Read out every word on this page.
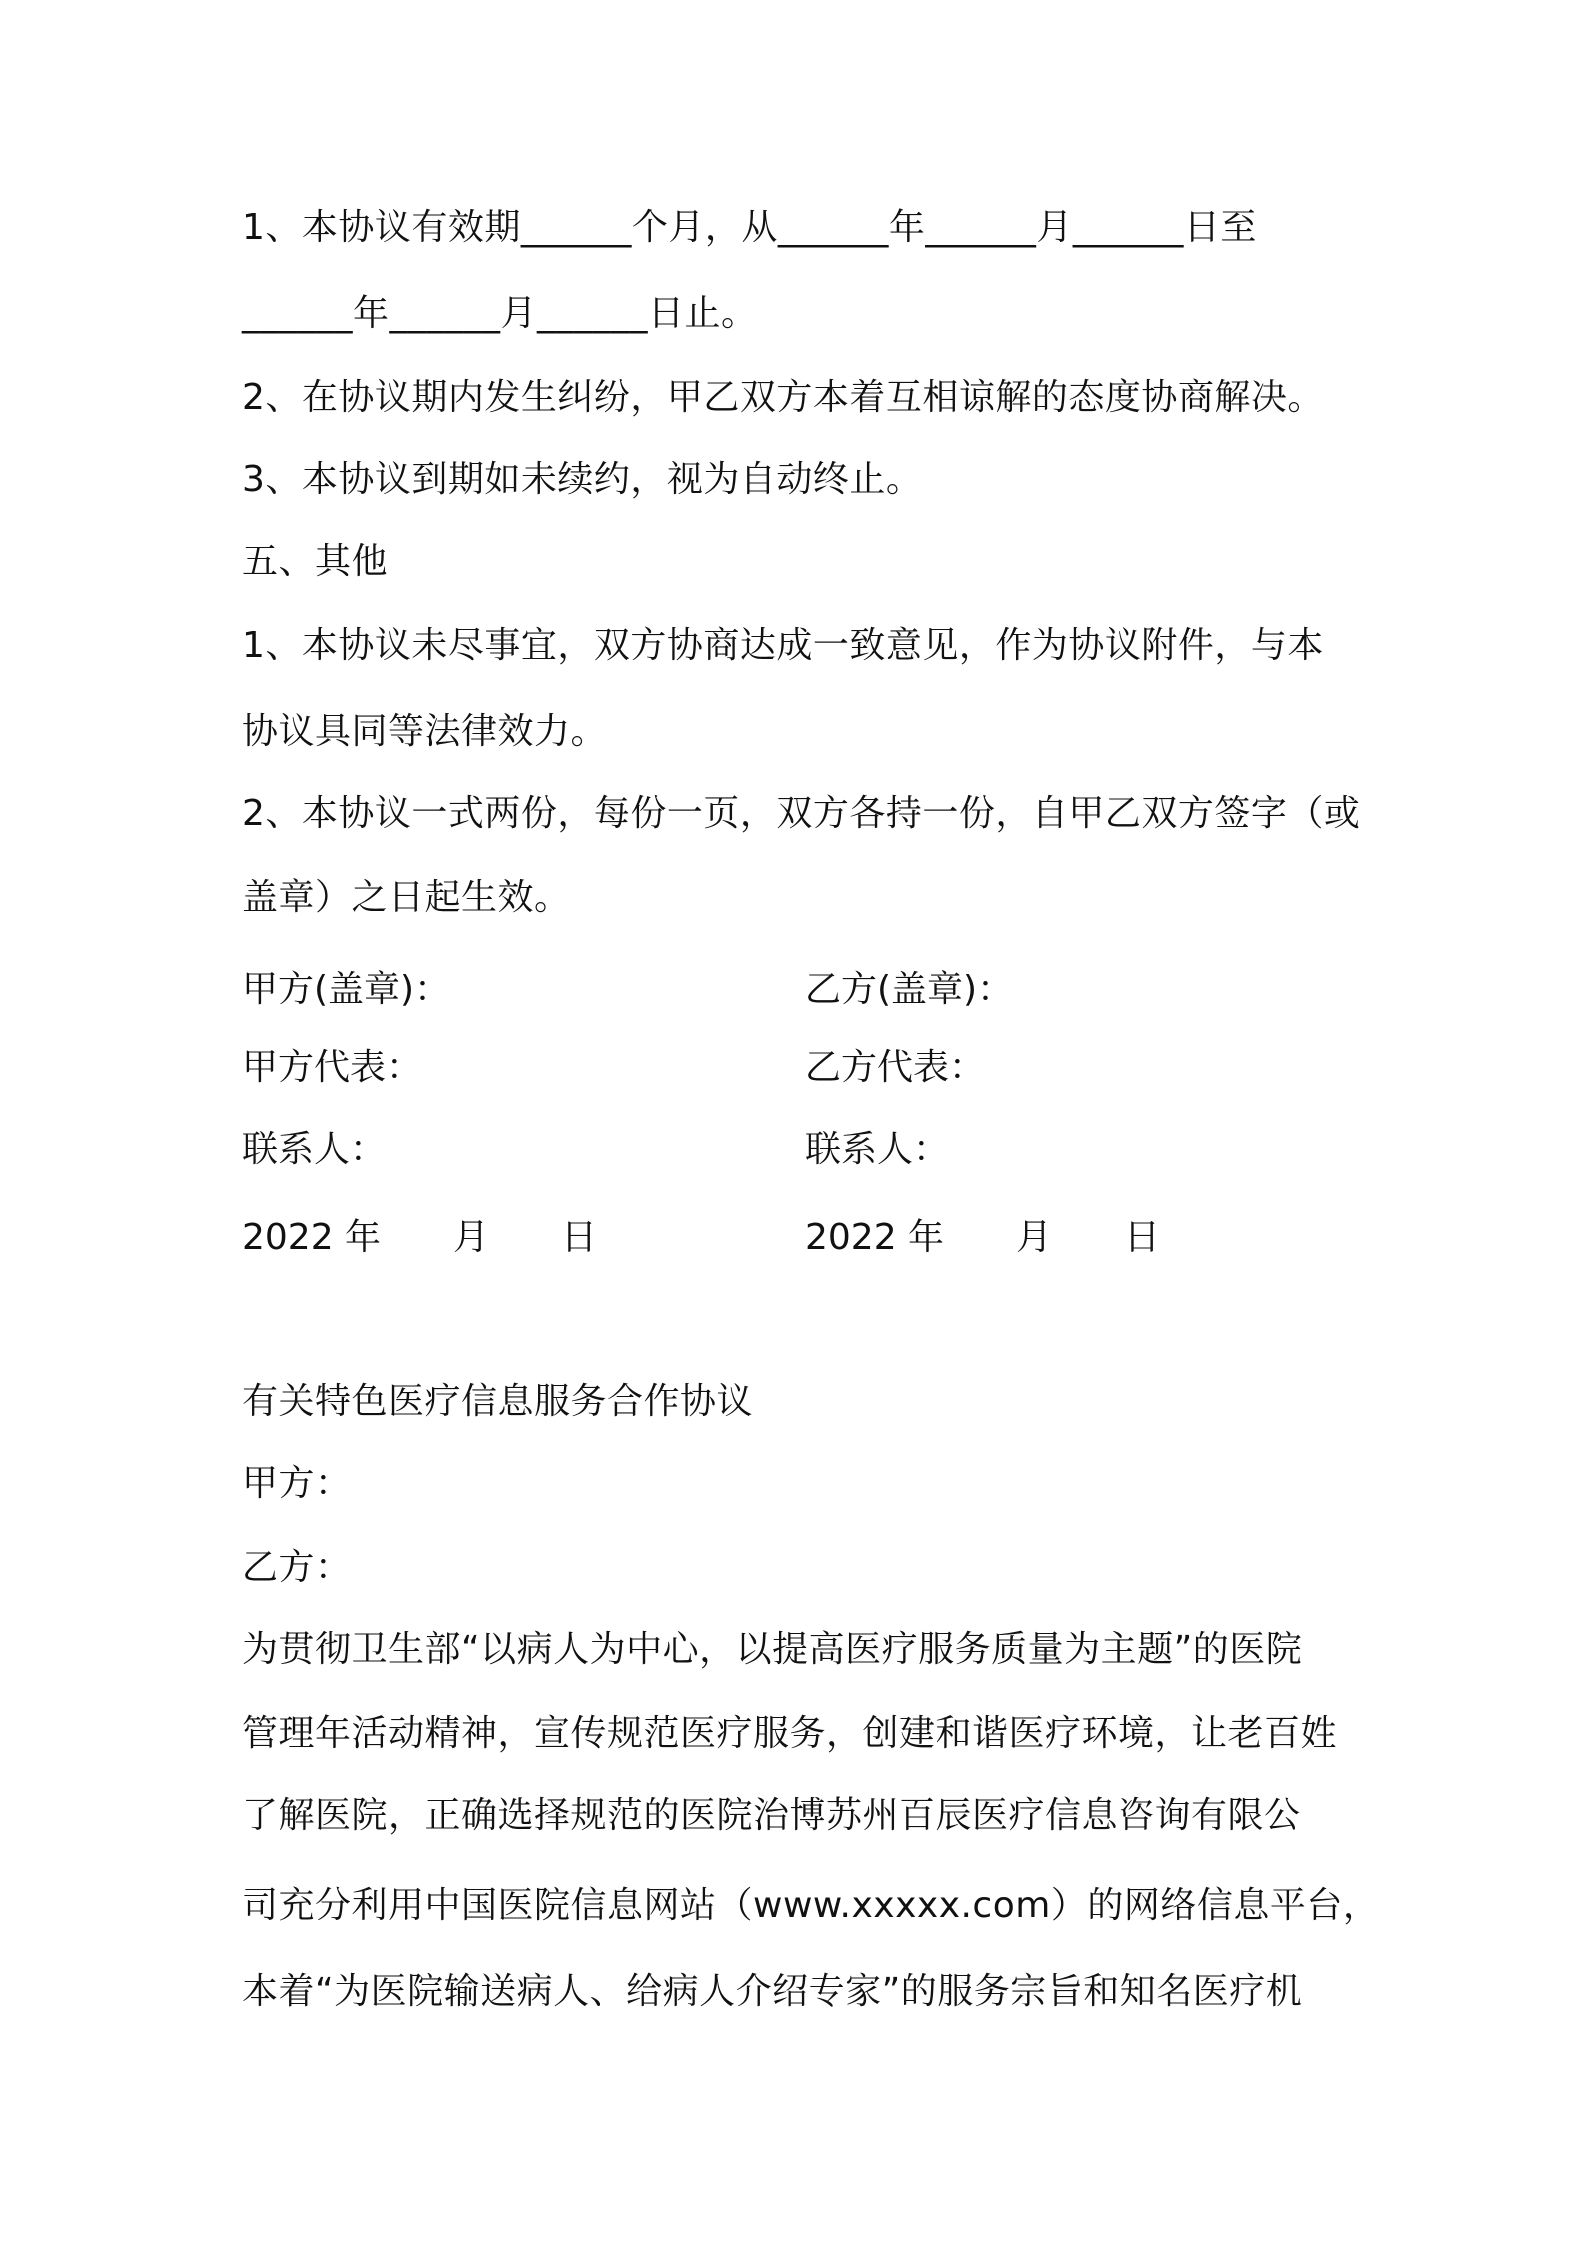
1、本协议有效期______个月，从______年______月______日至
______年______月______日止。
2、在协议期内发生纠纷，甲乙双方本着互相谅解的态度协商解决。
3、本协议到期如未续约，视为自动终止。
五、其他
1、本协议未尽事宜，双方协商达成一致意见，作为协议附件，与本
协议具同等法律效力。
2、本协议一式两份，每份一页，双方各持一份，自甲乙双方签字（或
盖章）之日起生效。
甲方(盖章)：	乙方(盖章)：
甲方代表：	乙方代表：
联系人：	联系人：
2022 年　　月　　日	2022 年　　月　　日
有关特色医疗信息服务合作协议
甲方：
乙方：
为贯彻卫生部“以病人为中心，以提高医疗服务质量为主题”的医院
管理年活动精神，宣传规范医疗服务，创建和谐医疗环境，让老百姓
了解医院，正确选择规范的医院治博苏州百辰医疗信息咨询有限公
司充分利用中国医院信息网站（www.xxxxx.com）的网络信息平台，
本着“为医院输送病人、给病人介绍专家”的服务宗旨和知名医疗机
